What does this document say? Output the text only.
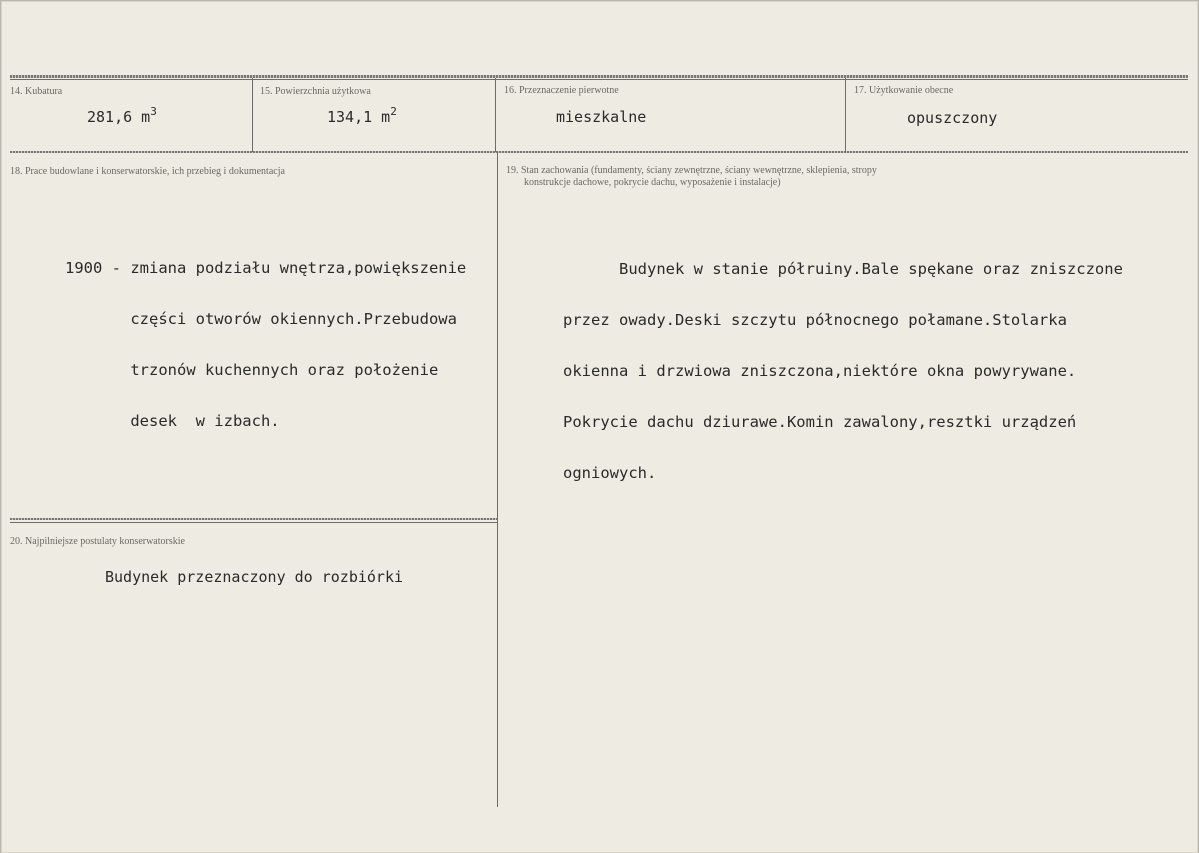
14. Kubatura
281,6 $m^3$
15. Powierzchnia użytkowa
134,1 $m^2$
16. Przeznaczenie pierwotne
mieszkalne
17. Użytkowanie obecne
opuszczony
18. Prace budowlane i konserwatorskie, ich przebieg i dokumentacja

1900 - zmiana podziału wnętrza,powiększenie

części otworów okiennych.Przebudowa

trzonów kuchennych oraz położenie

desek  w izbach.

19. Stan zachowania (fundamenty, ściany zewnętrzne, ściany wewnętrzne, sklepienia, stropy
konstrukcje dachowe, pokrycie dachu, wyposażenie i instalacje)

Budynek w stanie półruiny.Bale spękane oraz zniszczone

przez owady.Deski szczytu północnego połamane.Stolarka

okienna i drzwiowa zniszczona,niektóre okna powyrywane.

Pokrycie dachu dziurawe.Komin zawalony,resztki urządzeń

ogniowych.

20. Najpilniejsze postulaty konserwatorskie
Budynek przeznaczony do rozbiórki
